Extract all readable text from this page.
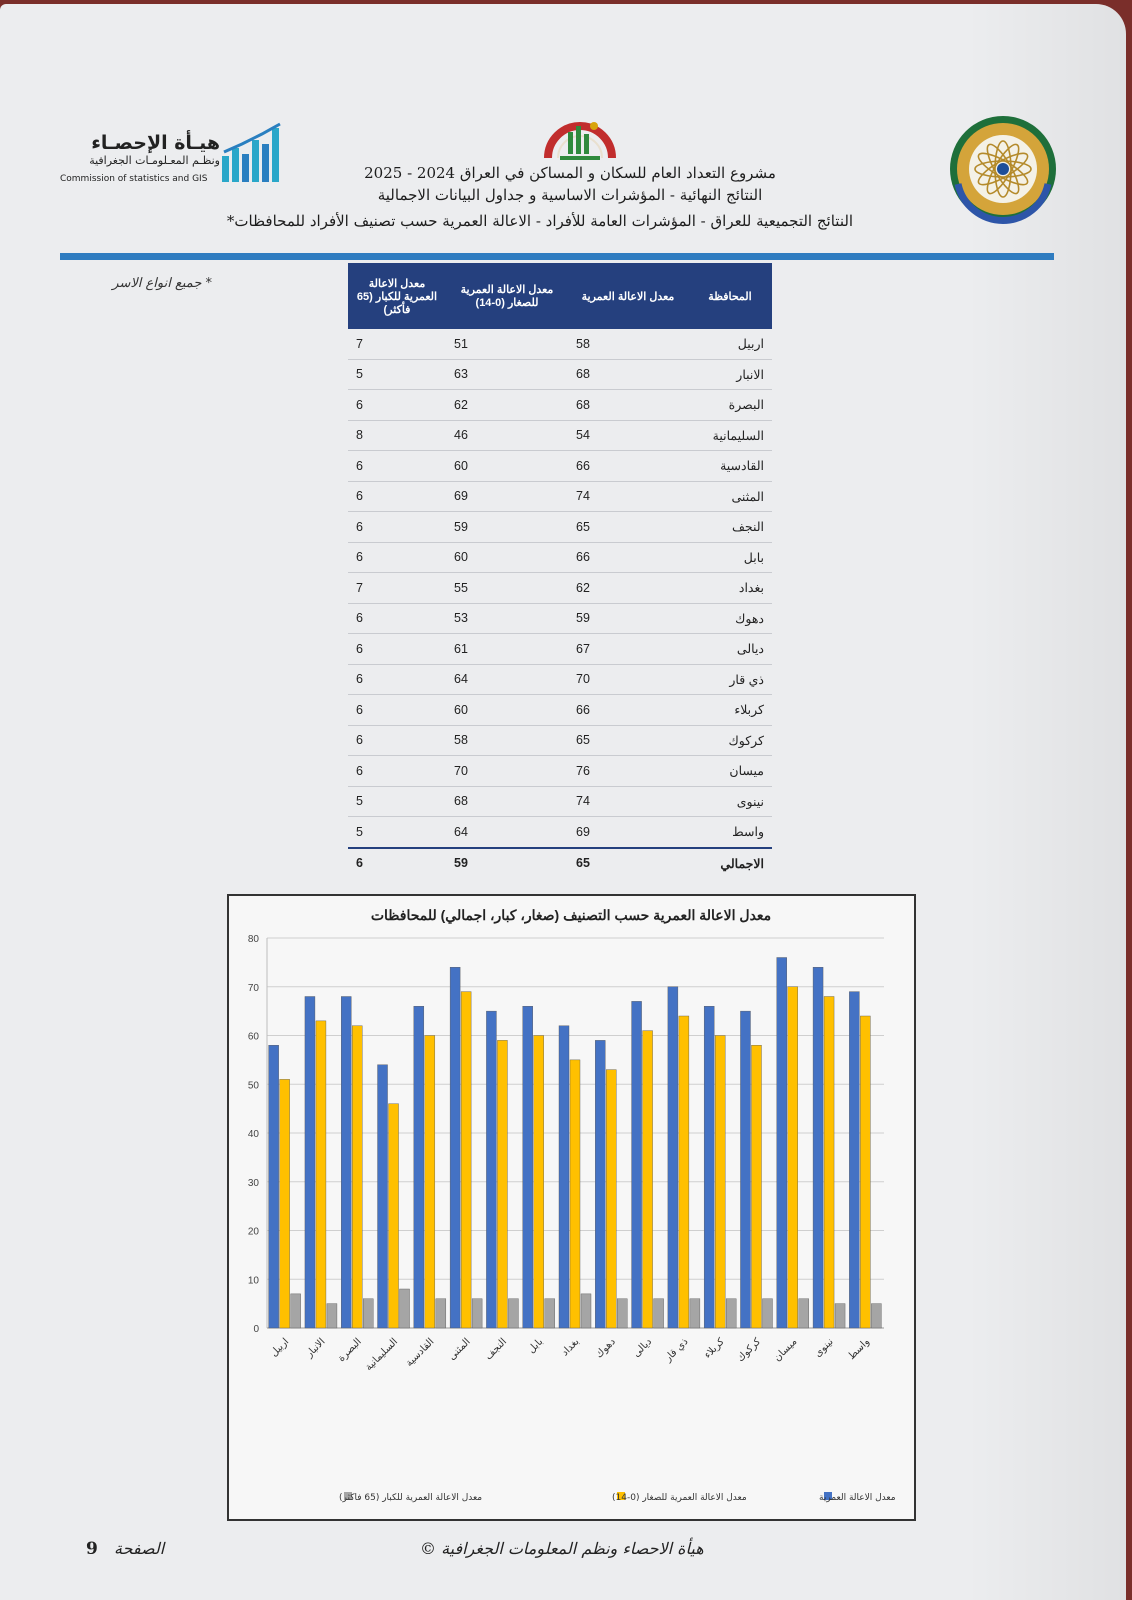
هيـأة الإحصـاء
ونظـم المعـلومـات الجغرافية
Commission of statistics and GIS	مشروع التعداد العام للسكان و المساكن في العراق 2024 - 2025
النتائج النهائية - المؤشرات الاساسية و جداول البيانات الاجمالية
النتائج التجميعية للعراق - المؤشرات العامة للأفراد - الاعالة العمرية حسب تصنيف الأفراد للمحافظات*
* جميع انواع الاسر
المحافظة	معدل الاعالة العمرية	معدل الاعالة العمرية للصغار (0-14)	معدل الاعالة العمرية للكبار (65 فأكثر)
اربيل	58	51	7
الانبار	68	63	5
البصرة	68	62	6
السليمانية	54	46	8
القادسية	66	60	6
المثنى	74	69	6
النجف	65	59	6
بابل	66	60	6
بغداد	62	55	7
دهوك	59	53	6
ديالى	67	61	6
ذي قار	70	64	6
كربلاء	66	60	6
كركوك	65	58	6
ميسان	76	70	6
نينوى	74	68	5
واسط	69	64	5
الاجمالي	65	59	6
معدل الاعالة العمرية حسب التصنيف (صغار، كبار، اجمالي) للمحافظات
0
10
20
30
40
50
60
70
80
اربيل الانبار البصرة السليمانية القادسية المثنى النجف بابل بغداد دهوك ديالى ذي قار كربلاء كركوك ميسان نينوى واسط
معدل الاعالة العمرية
معدل الاعالة العمرية للصغار (0-14)
معدل الاعالة العمرية للكبار (65 فاكثر)
هيأة الاحصاء ونظم المعلومات الجغرافية ©
الصفحة
9
